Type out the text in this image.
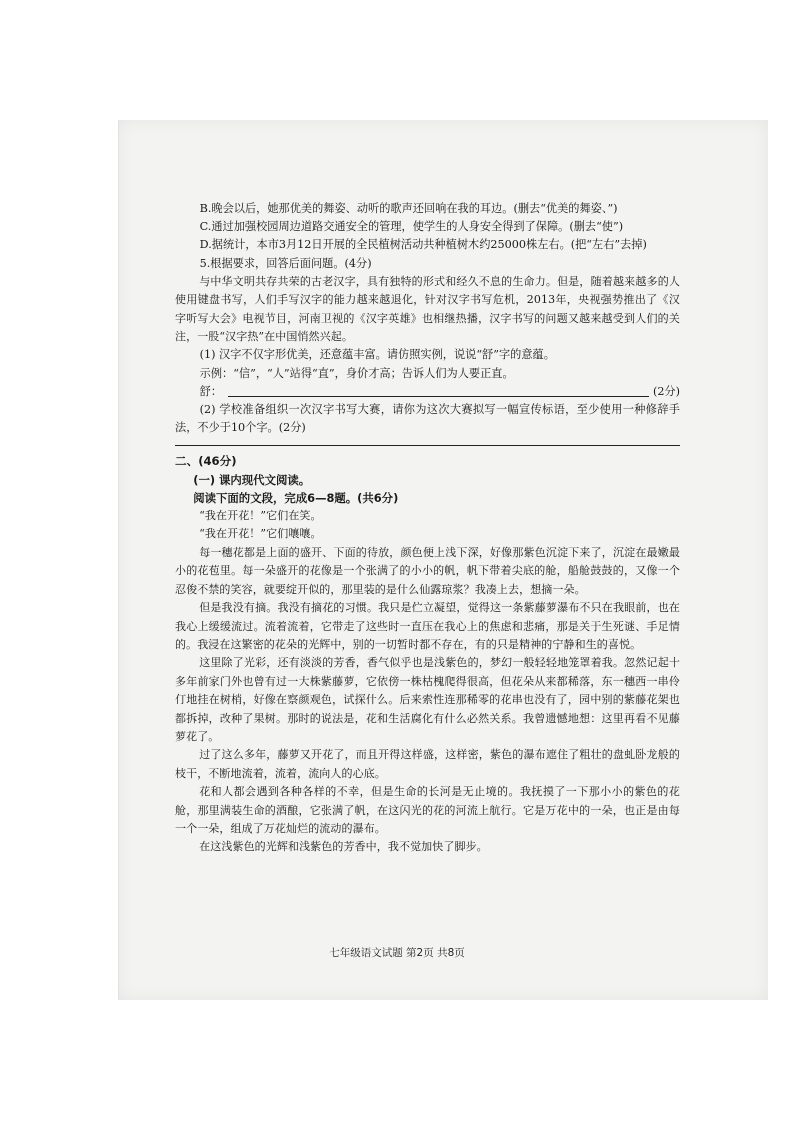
B.晚会以后，她那优美的舞姿、动听的歌声还回响在我的耳边。(删去“优美的舞姿、”)

C.通过加强校园周边道路交通安全的管理，使学生的人身安全得到了保障。(删去“使”)

D.据统计，本市3月12日开展的全民植树活动共种植树木约25000株左右。(把“左右”去掉)

5.根据要求，回答后面问题。(4分)

与中华文明共存共荣的古老汉字，具有独特的形式和经久不息的生命力。但是，随着越来越多的人使用键盘书写，人们手写汉字的能力越来越退化，针对汉字书写危机，2013年，央视强势推出了《汉字听写大会》电视节目，河南卫视的《汉字英雄》也相继热播，汉字书写的问题又越来越受到人们的关注，一股“汉字热”在中国悄然兴起。

(1) 汉字不仅字形优美，还意蕴丰富。请仿照实例，说说“舒”字的意蕴。

示例：“信”，“人”站得“直”，身价才高；告诉人们为人要正直。

舒：	(2分)

(2) 学校准备组织一次汉字书写大赛，请你为这次大赛拟写一幅宣传标语，至少使用一种修辞手法，不少于10个字。(2分)

二、(46分)

(一) 课内现代文阅读。

阅读下面的文段，完成6—8题。(共6分)

“我在开花！”它们在笑。

“我在开花！”它们嚷嚷。

每一穗花都是上面的盛开、下面的待放，颜色便上浅下深，好像那紫色沉淀下来了，沉淀在最嫩最小的花苞里。每一朵盛开的花像是一个张满了的小小的帆，帆下带着尖底的舱，船舱鼓鼓的，又像一个忍俊不禁的笑容，就要绽开似的，那里装的是什么仙露琼浆？我凑上去，想摘一朵。

但是我没有摘。我没有摘花的习惯。我只是伫立凝望，觉得这一条紫藤萝瀑布不只在我眼前，也在我心上缓缓流过。流着流着，它带走了这些时一直压在我心上的焦虑和悲痛，那是关于生死谜、手足情的。我浸在这繁密的花朵的光辉中，别的一切暂时都不存在，有的只是精神的宁静和生的喜悦。

这里除了光彩，还有淡淡的芳香，香气似乎也是浅紫色的，梦幻一般轻轻地笼罩着我。忽然记起十多年前家门外也曾有过一大株紫藤萝，它依傍一株枯槐爬得很高，但花朵从来都稀落，东一穗西一串伶仃地挂在树梢，好像在察颜观色，试探什么。后来索性连那稀零的花串也没有了，园中别的紫藤花架也都拆掉，改种了果树。那时的说法是，花和生活腐化有什么必然关系。我曾遗憾地想：这里再看不见藤萝花了。

过了这么多年，藤萝又开花了，而且开得这样盛，这样密，紫色的瀑布遮住了粗壮的盘虬卧龙般的枝干，不断地流着，流着，流向人的心底。

花和人都会遇到各种各样的不幸，但是生命的长河是无止境的。我抚摸了一下那小小的紫色的花舱，那里满装生命的酒酿，它张满了帆，在这闪光的花的河流上航行。它是万花中的一朵，也正是由每一个一朵，组成了万花灿烂的流动的瀑布。

在这浅紫色的光辉和浅紫色的芳香中，我不觉加快了脚步。

七年级语文试题 第2页 共8页
